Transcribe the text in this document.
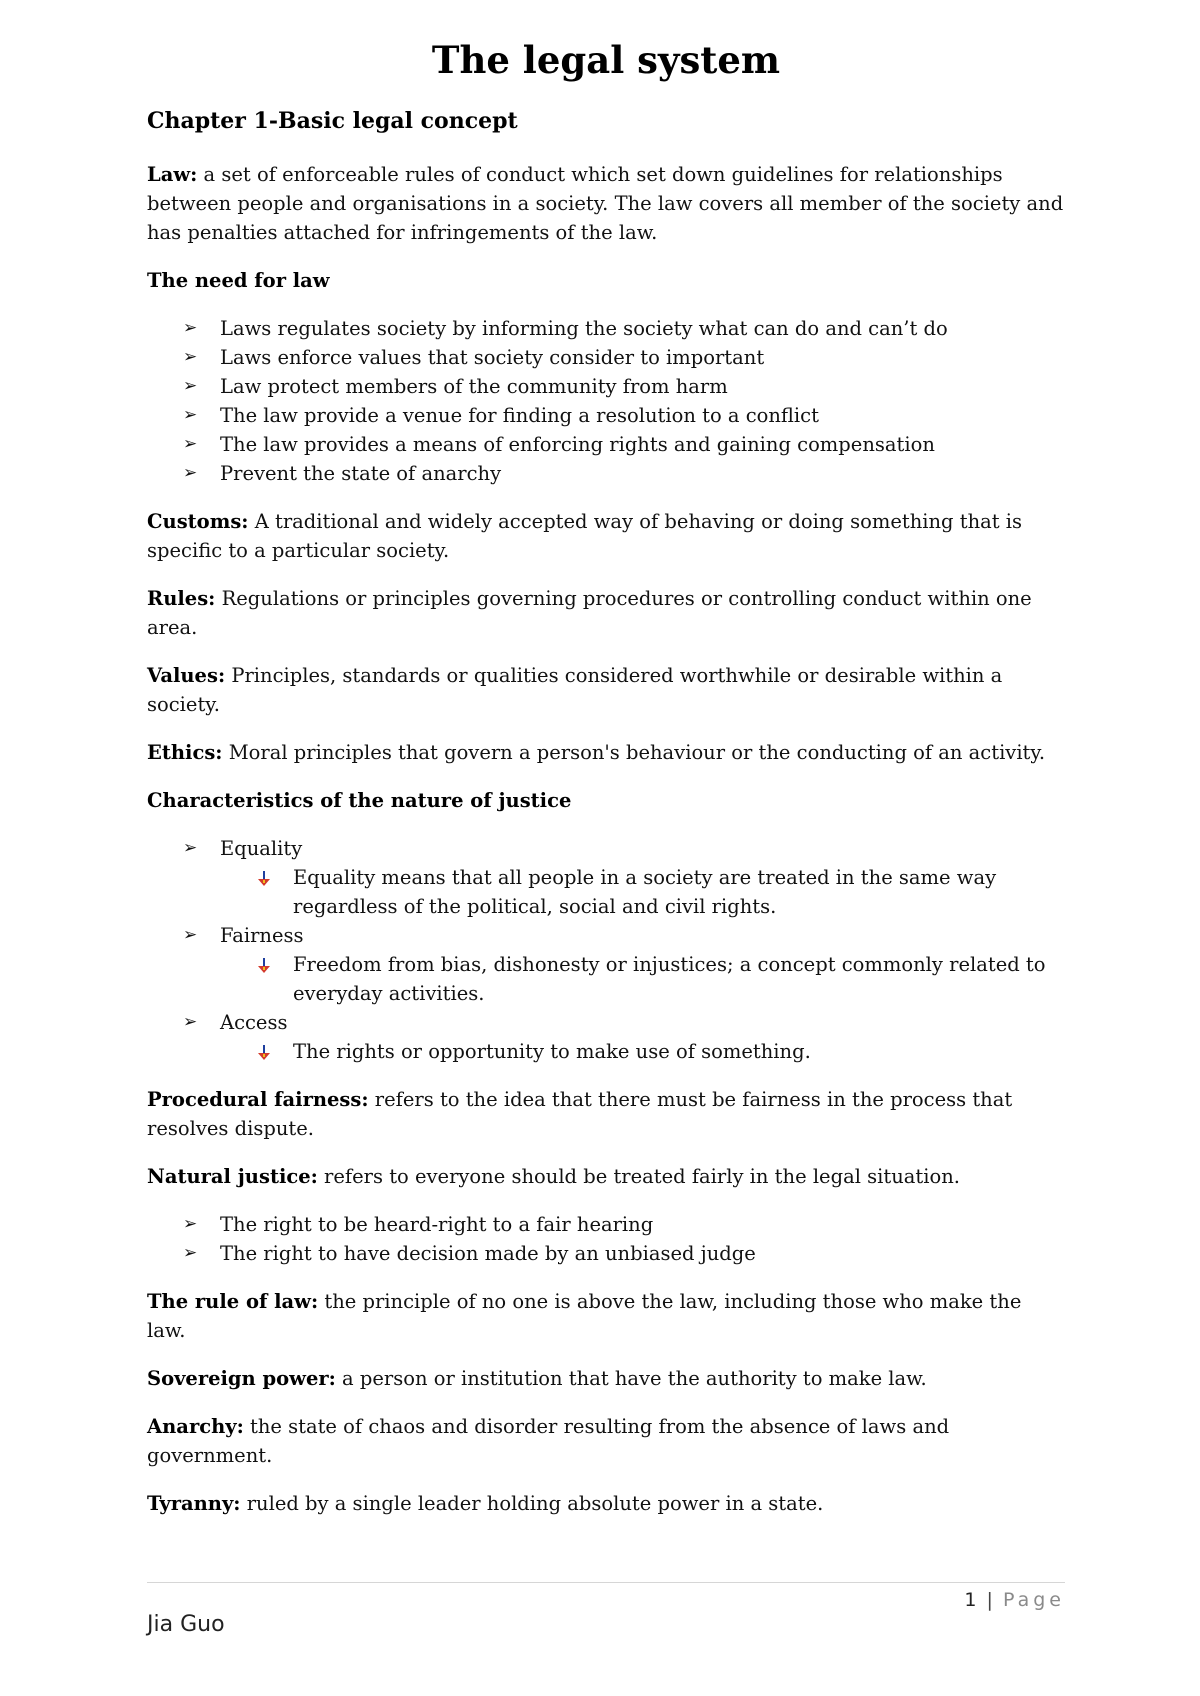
The legal system
Chapter 1-Basic legal concept

Law: a set of enforceable rules of conduct which set down guidelines for relationships between people and organisations in a society. The law covers all member of the society and has penalties attached for infringements of the law.

The need for law
➢ Laws regulates society by informing the society what can do and can’t do
➢ Laws enforce values that society consider to important
➢ Law protect members of the community from harm
➢ The law provide a venue for finding a resolution to a conflict
➢ The law provides a means of enforcing rights and gaining compensation
➢ Prevent the state of anarchy

Customs: A traditional and widely accepted way of behaving or doing something that is specific to a particular society.

Rules: Regulations or principles governing procedures or controlling conduct within one area.

Values: Principles, standards or qualities considered worthwhile or desirable within a society.

Ethics: Moral principles that govern a person's behaviour or the conducting of an activity.

Characteristics of the nature of justice
➢ Equality
Equality means that all people in a society are treated in the same way regardless of the political, social and civil rights.
➢ Fairness
Freedom from bias, dishonesty or injustices; a concept commonly related to everyday activities.
➢ Access
The rights or opportunity to make use of something.

Procedural fairness: refers to the idea that there must be fairness in the process that resolves dispute.

Natural justice: refers to everyone should be treated fairly in the legal situation.

➢ The right to be heard-right to a fair hearing
➢ The right to have decision made by an unbiased judge

The rule of law: the principle of no one is above the law, including those who make the law.

Sovereign power: a person or institution that have the authority to make law.

Anarchy: the state of chaos and disorder resulting from the absence of laws and government.

Tyranny: ruled by a single leader holding absolute power in a state.

1 | Page
Jia Guo
